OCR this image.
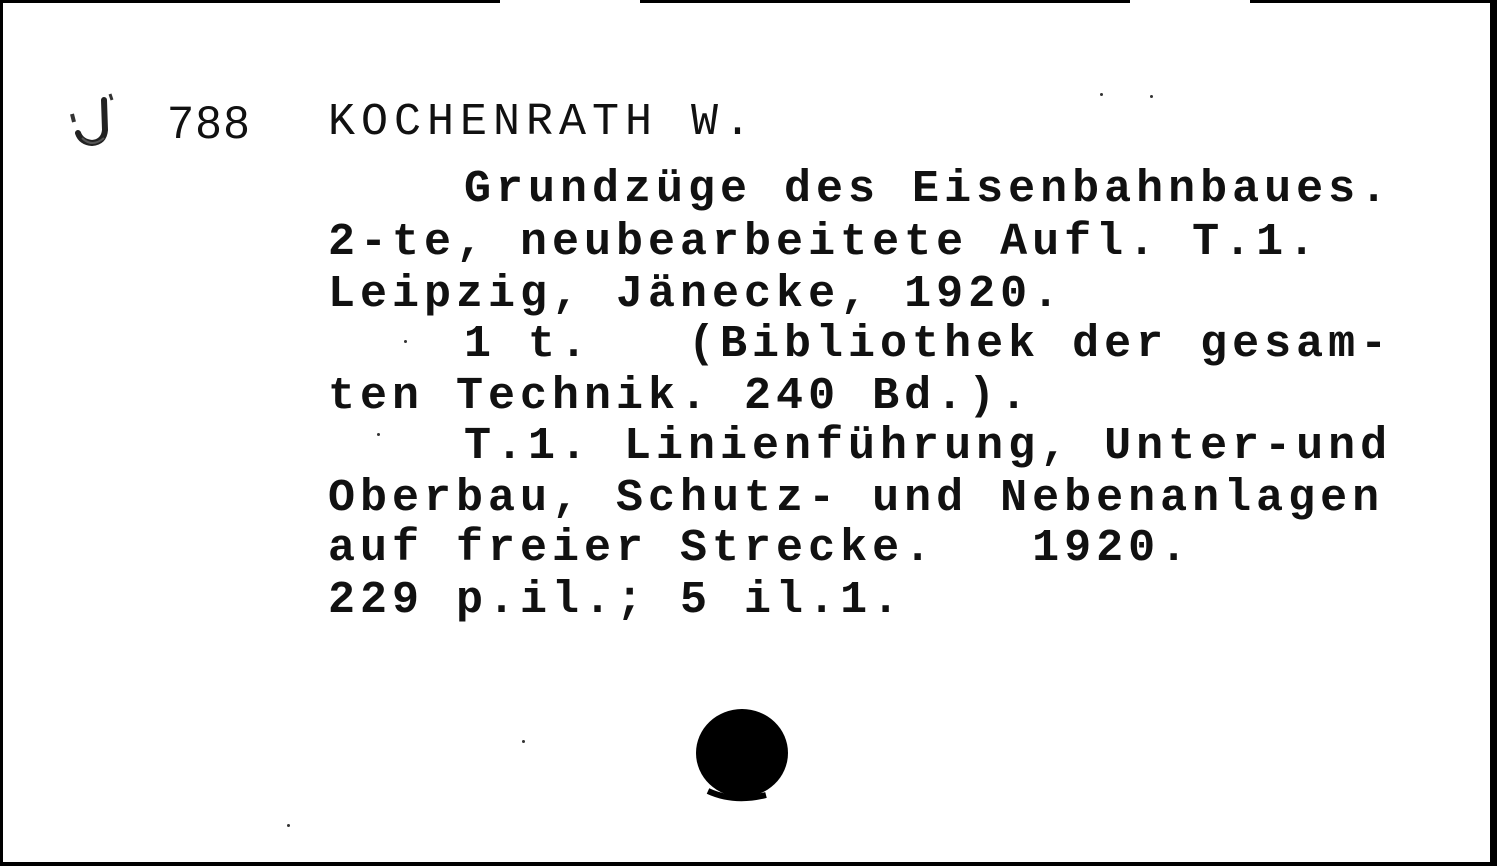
788 KOCHENRATH W.
Grundzüge des Eisenbahnbaues.
2-te, neubearbeitete Aufl. T.1.
Leipzig, Jänecke, 1920.
1 t.   (Bibliothek der gesam-
ten Technik. 240 Bd.).
T.1. Linienführung, Unter-und
Oberbau, Schutz- und Nebenanlagen
auf freier Strecke.   1920.
229 p.il.; 5 il.1.
